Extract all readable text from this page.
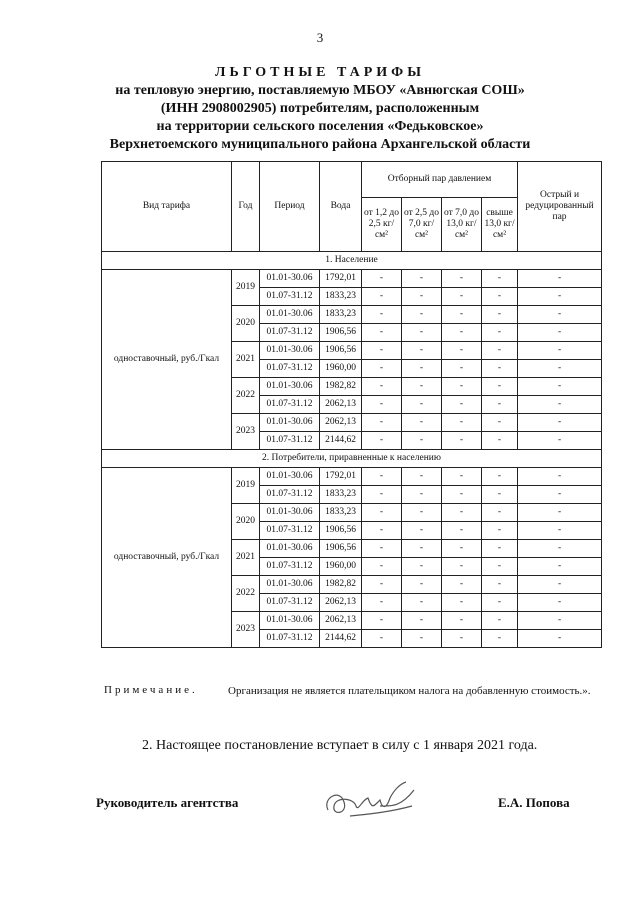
3
ЛЬГОТНЫЕ ТАРИФЫ
на тепловую энергию, поставляемую МБОУ «Авнюгская СОШ»
(ИНН 2908002905) потребителям, расположенным
на территории сельского поселения «Федьковское»
Верхнетоемского муниципального района Архангельской области
Вид тарифа	Год	Период	Вода	Отборный пар давлением				Острый и редуцированный пар
				от 1,2 до 2,5 кг/см²	от 2,5 до 7,0 кг/см²	от 7,0 до 13,0 кг/см²	свыше 13,0 кг/см²	
1. Население								
одноставочный, руб./Гкал	2019	01.01-30.06	1792,01	-	-	-	-	-
		01.07-31.12	1833,23	-	-	-	-	-
	2020	01.01-30.06	1833,23	-	-	-	-	-
		01.07-31.12	1906,56	-	-	-	-	-
	2021	01.01-30.06	1906,56	-	-	-	-	-
		01.07-31.12	1960,00	-	-	-	-	-
	2022	01.01-30.06	1982,82	-	-	-	-	-
		01.07-31.12	2062,13	-	-	-	-	-
	2023	01.01-30.06	2062,13	-	-	-	-	-
		01.07-31.12	2144,62	-	-	-	-	-
2. Потребители, приравненные к населению								
одноставочный, руб./Гкал	2019	01.01-30.06	1792,01	-	-	-	-	-
		01.07-31.12	1833,23	-	-	-	-	-
	2020	01.01-30.06	1833,23	-	-	-	-	-
		01.07-31.12	1906,56	-	-	-	-	-
	2021	01.01-30.06	1906,56	-	-	-	-	-
		01.07-31.12	1960,00	-	-	-	-	-
	2022	01.01-30.06	1982,82	-	-	-	-	-
		01.07-31.12	2062,13	-	-	-	-	-
	2023	01.01-30.06	2062,13	-	-	-	-	-
		01.07-31.12	2144,62	-	-	-	-	-
Примечание.	Организация не является плательщиком налога на добавленную стоимость.».
2. Настоящее постановление вступает в силу с 1 января 2021 года.
Руководитель агентства	Е.А. Попова
